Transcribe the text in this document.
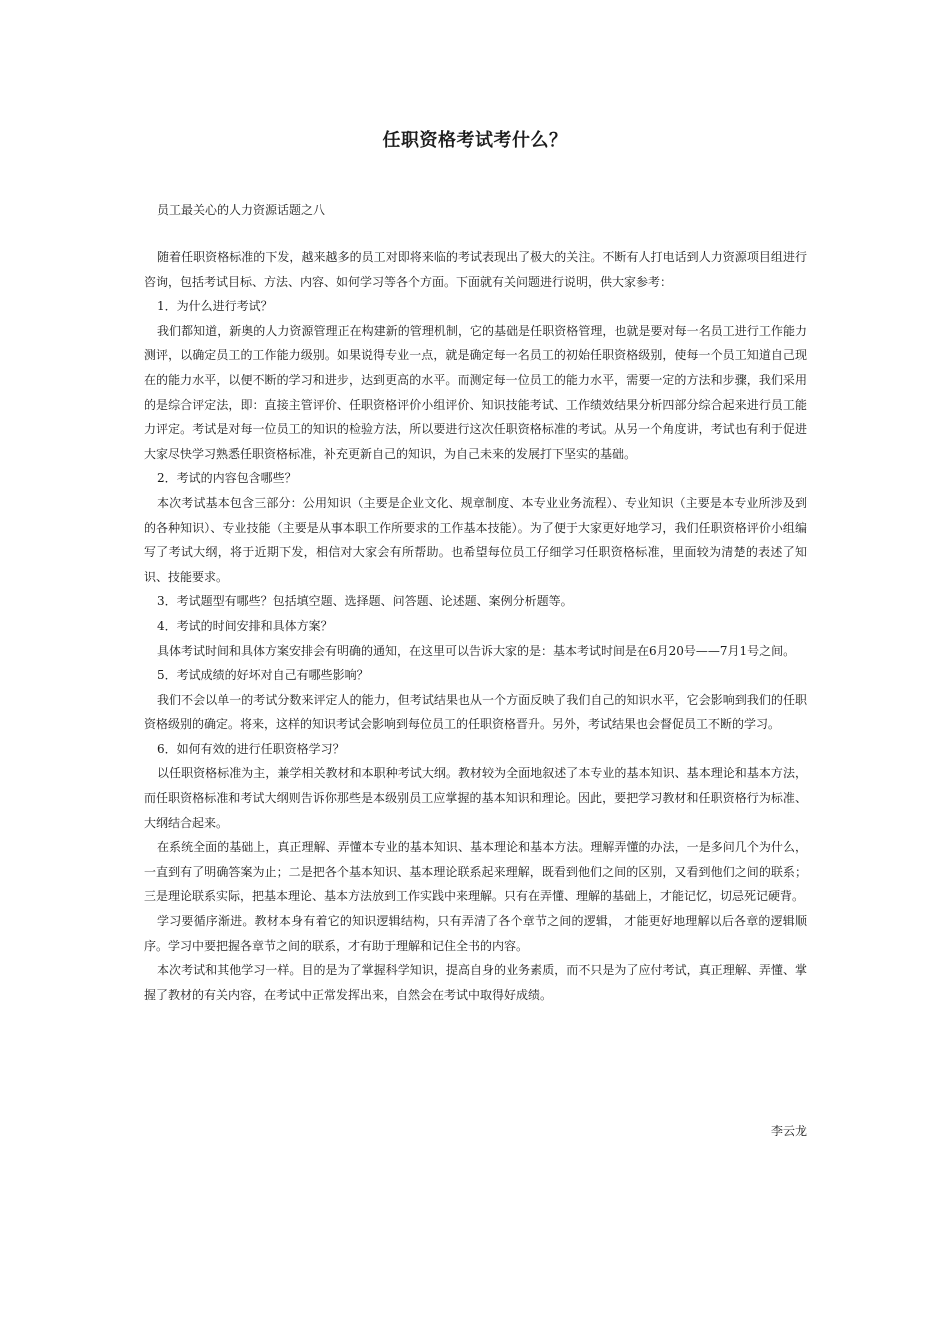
任职资格考试考什么？
员工最关心的人力资源话题之八

随着任职资格标准的下发，越来越多的员工对即将来临的考试表现出了极大的关注。不断有人打电话到人力资源项目组进行咨询，包括考试目标、方法、内容、如何学习等各个方面。下面就有关问题进行说明，供大家参考：

1．为什么进行考试？

我们都知道，新奥的人力资源管理正在构建新的管理机制，它的基础是任职资格管理，也就是要对每一名员工进行工作能力测评，以确定员工的工作能力级别。如果说得专业一点，就是确定每一名员工的初始任职资格级别，使每一个员工知道自己现在的能力水平，以便不断的学习和进步，达到更高的水平。而测定每一位员工的能力水平，需要一定的方法和步骤，我们采用的是综合评定法，即：直接主管评价、任职资格评价小组评价、知识技能考试、工作绩效结果分析四部分综合起来进行员工能力评定。考试是对每一位员工的知识的检验方法，所以要进行这次任职资格标准的考试。从另一个角度讲，考试也有利于促进大家尽快学习熟悉任职资格标准，补充更新自己的知识，为自己未来的发展打下坚实的基础。

2．考试的内容包含哪些？

本次考试基本包含三部分：公用知识（主要是企业文化、规章制度、本专业业务流程）、专业知识（主要是本专业所涉及到的各种知识）、专业技能（主要是从事本职工作所要求的工作基本技能）。为了便于大家更好地学习，我们任职资格评价小组编写了考试大纲，将于近期下发，相信对大家会有所帮助。也希望每位员工仔细学习任职资格标准，里面较为清楚的表述了知识、技能要求。

3．考试题型有哪些？包括填空题、选择题、问答题、论述题、案例分析题等。

4．考试的时间安排和具体方案？

具体考试时间和具体方案安排会有明确的通知，在这里可以告诉大家的是：基本考试时间是在6月20号——7月1号之间。

5．考试成绩的好坏对自己有哪些影响？

我们不会以单一的考试分数来评定人的能力，但考试结果也从一个方面反映了我们自己的知识水平，它会影响到我们的任职资格级别的确定。将来，这样的知识考试会影响到每位员工的任职资格晋升。另外，考试结果也会督促员工不断的学习。

6．如何有效的进行任职资格学习？

以任职资格标准为主，兼学相关教材和本职种考试大纲。教材较为全面地叙述了本专业的基本知识、基本理论和基本方法，而任职资格标准和考试大纲则告诉你那些是本级别员工应掌握的基本知识和理论。因此，要把学习教材和任职资格行为标准、大纲结合起来。

在系统全面的基础上，真正理解、弄懂本专业的基本知识、基本理论和基本方法。理解弄懂的办法，一是多问几个为什么，一直到有了明确答案为止；二是把各个基本知识、基本理论联系起来理解，既看到他们之间的区别，又看到他们之间的联系；三是理论联系实际，把基本理论、基本方法放到工作实践中来理解。只有在弄懂、理解的基础上，才能记忆，切忌死记硬背。

学习要循序渐进。教材本身有着它的知识逻辑结构，只有弄清了各个章节之间的逻辑， 才能更好地理解以后各章的逻辑顺序。学习中要把握各章节之间的联系，才有助于理解和记住全书的内容。

本次考试和其他学习一样。目的是为了掌握科学知识，提高自身的业务素质，而不只是为了应付考试，真正理解、弄懂、掌握了教材的有关内容，在考试中正常发挥出来，自然会在考试中取得好成绩。

李云龙
